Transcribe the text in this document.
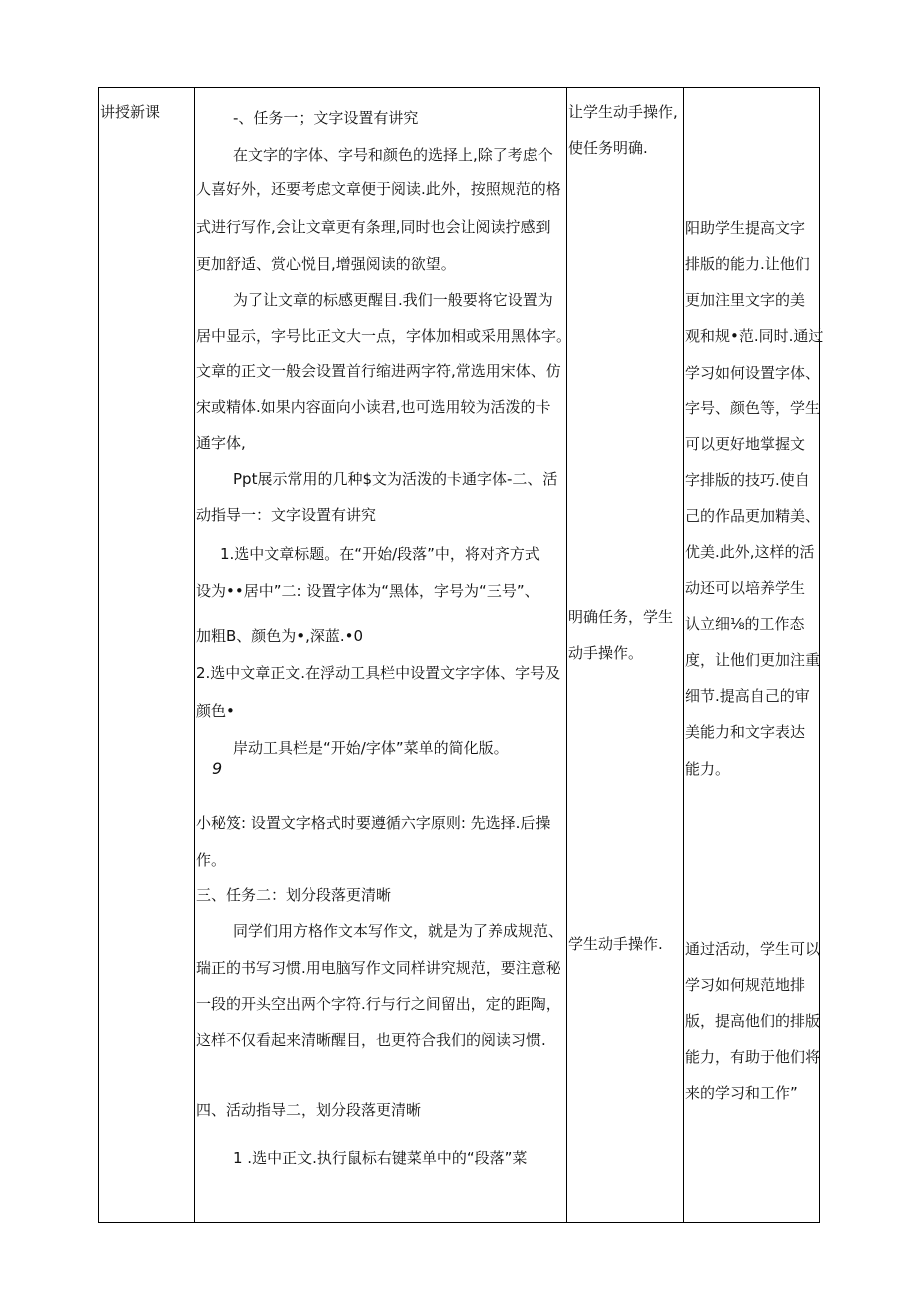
讲授新课	-、任务一；文字设置有讲究
在文字的字体、字号和颜色的选择上,除了考虑个
人喜好外，还要考虑文章便于阅读.此外，按照规范的格
式进行写作,会让文章更有条理,同时也会让阅读拧感到
更加舒适、赏心悦目,增强阅读的欲望。
为了让文章的标感更醒目.我们一般要将它设置为
居中显示，字号比正文大一点，字体加相或采用黑体字。
文章的正文一般会设置首行缩进两字符,常选用宋体、仿
宋或精体.如果内容面向小读君,也可选用较为活泼的卡
通字体,
Ppt展示常用的几种$文为活泼的卡通字体-二、活
动指导一：文字设置有讲究
1.选中文章标题。在“开始/段落”中，将对齐方式
设为••居中”二: 设置字体为“黑体，字号为“三号”、
加粗B、颜色为•,深蓝.•0
2.选中文章正文.在浮动工具栏中设置文字字体、字号及
颜色•
岸动工具栏是“开始/字体”菜单的简化版。
9
小秘笈: 设置文字格式时要遵循六字原则: 先选择.后操
作。
三、任务二：划分段落更清晰
同学们用方格作文本写作文，就是为了养成规范、
瑞正的书写习惯.用电脑写作文同样讲究规范，要注意秘
一段的开头空出两个字符.行与行之间留出，定的距陶，
这样不仅看起来清晰醒目，也更符合我们的阅读习惯.
四、活动指导二，划分段落更清晰
1 .选中正文.执行鼠标右键菜单中的“段落”菜
让学生动手操作,
使任务明确.
明确任务，学生
动手操作。
学生动手操作.
阳助学生提高文字
排版的能力.让他们
更加注里文字的美
观和规•范.同时.通过
学习如何设置字体、
字号、颜色等，学生
可以更好地掌握文
字排版的技巧.使自
己的作品更加精美、
优美.此外,这样的活
动还可以培养学生
认立细⅛的工作态
度，让他们更加注重
细节.提高自己的审
美能力和文字表达
能力。
通过活动，学生可以
学习如何规范地排
版，提高他们的排版
能力，有助于他们将
来的学习和工作”
